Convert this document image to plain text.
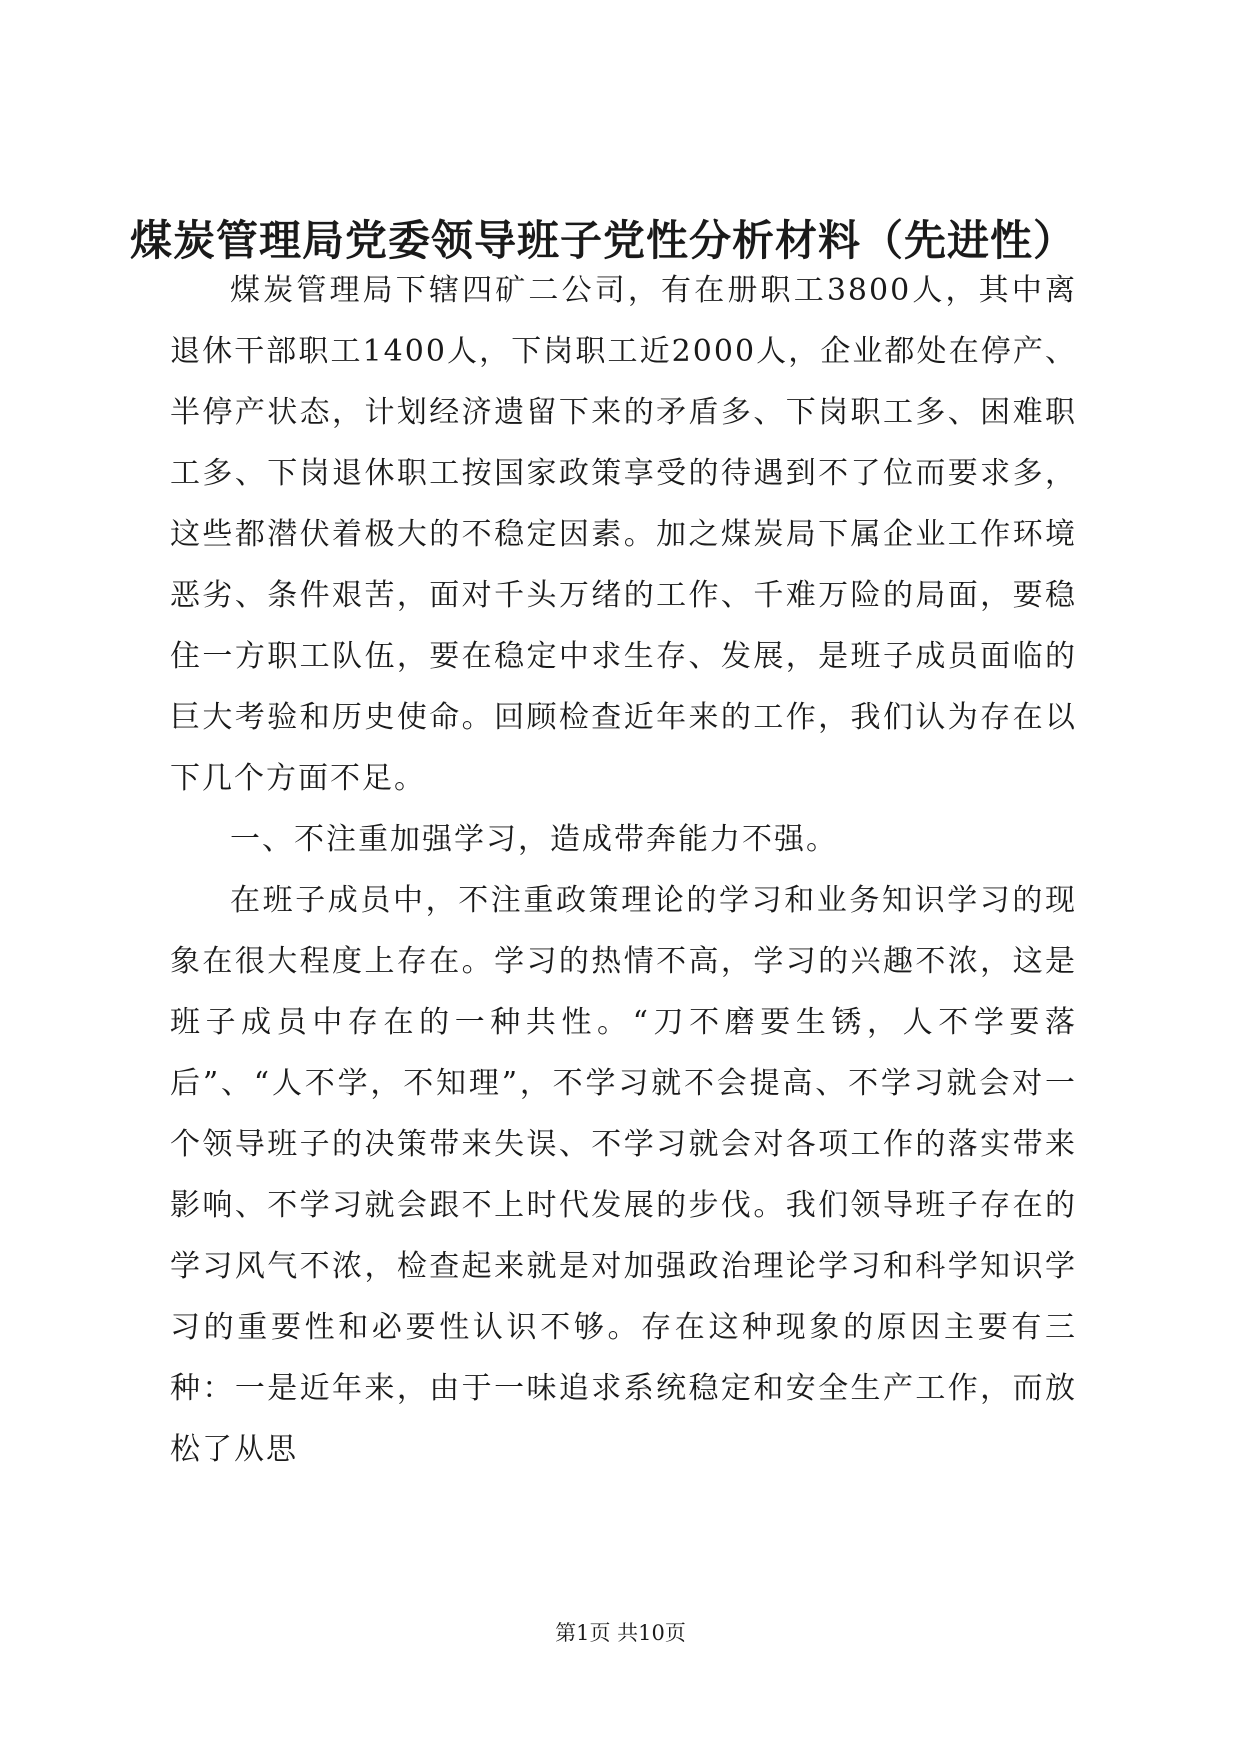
煤炭管理局党委领导班子党性分析材料（先进性）

煤炭管理局下辖四矿二公司，有在册职工3800人，其中离退休干部职工1400人，下岗职工近2000人，企业都处在停产、半停产状态，计划经济遗留下来的矛盾多、下岗职工多、困难职工多、下岗退休职工按国家政策享受的待遇到不了位而要求多，这些都潜伏着极大的不稳定因素。加之煤炭局下属企业工作环境恶劣、条件艰苦，面对千头万绪的工作、千难万险的局面，要稳住一方职工队伍，要在稳定中求生存、发展，是班子成员面临的巨大考验和历史使命。回顾检查近年来的工作，我们认为存在以下几个方面不足。

一、不注重加强学习，造成带奔能力不强。

在班子成员中，不注重政策理论的学习和业务知识学习的现象在很大程度上存在。学习的热情不高，学习的兴趣不浓，这是班子成员中存在的一种共性。“刀不磨要生锈，人不学要落后”、“人不学，不知理”，不学习就不会提高、不学习就会对一个领导班子的决策带来失误、不学习就会对各项工作的落实带来影响、不学习就会跟不上时代发展的步伐。我们领导班子存在的学习风气不浓，检查起来就是对加强政治理论学习和科学知识学习的重要性和必要性认识不够。存在这种现象的原因主要有三种：一是近年来，由于一味追求系统稳定和安全生产工作，而放松了从思

第1页 共10页
